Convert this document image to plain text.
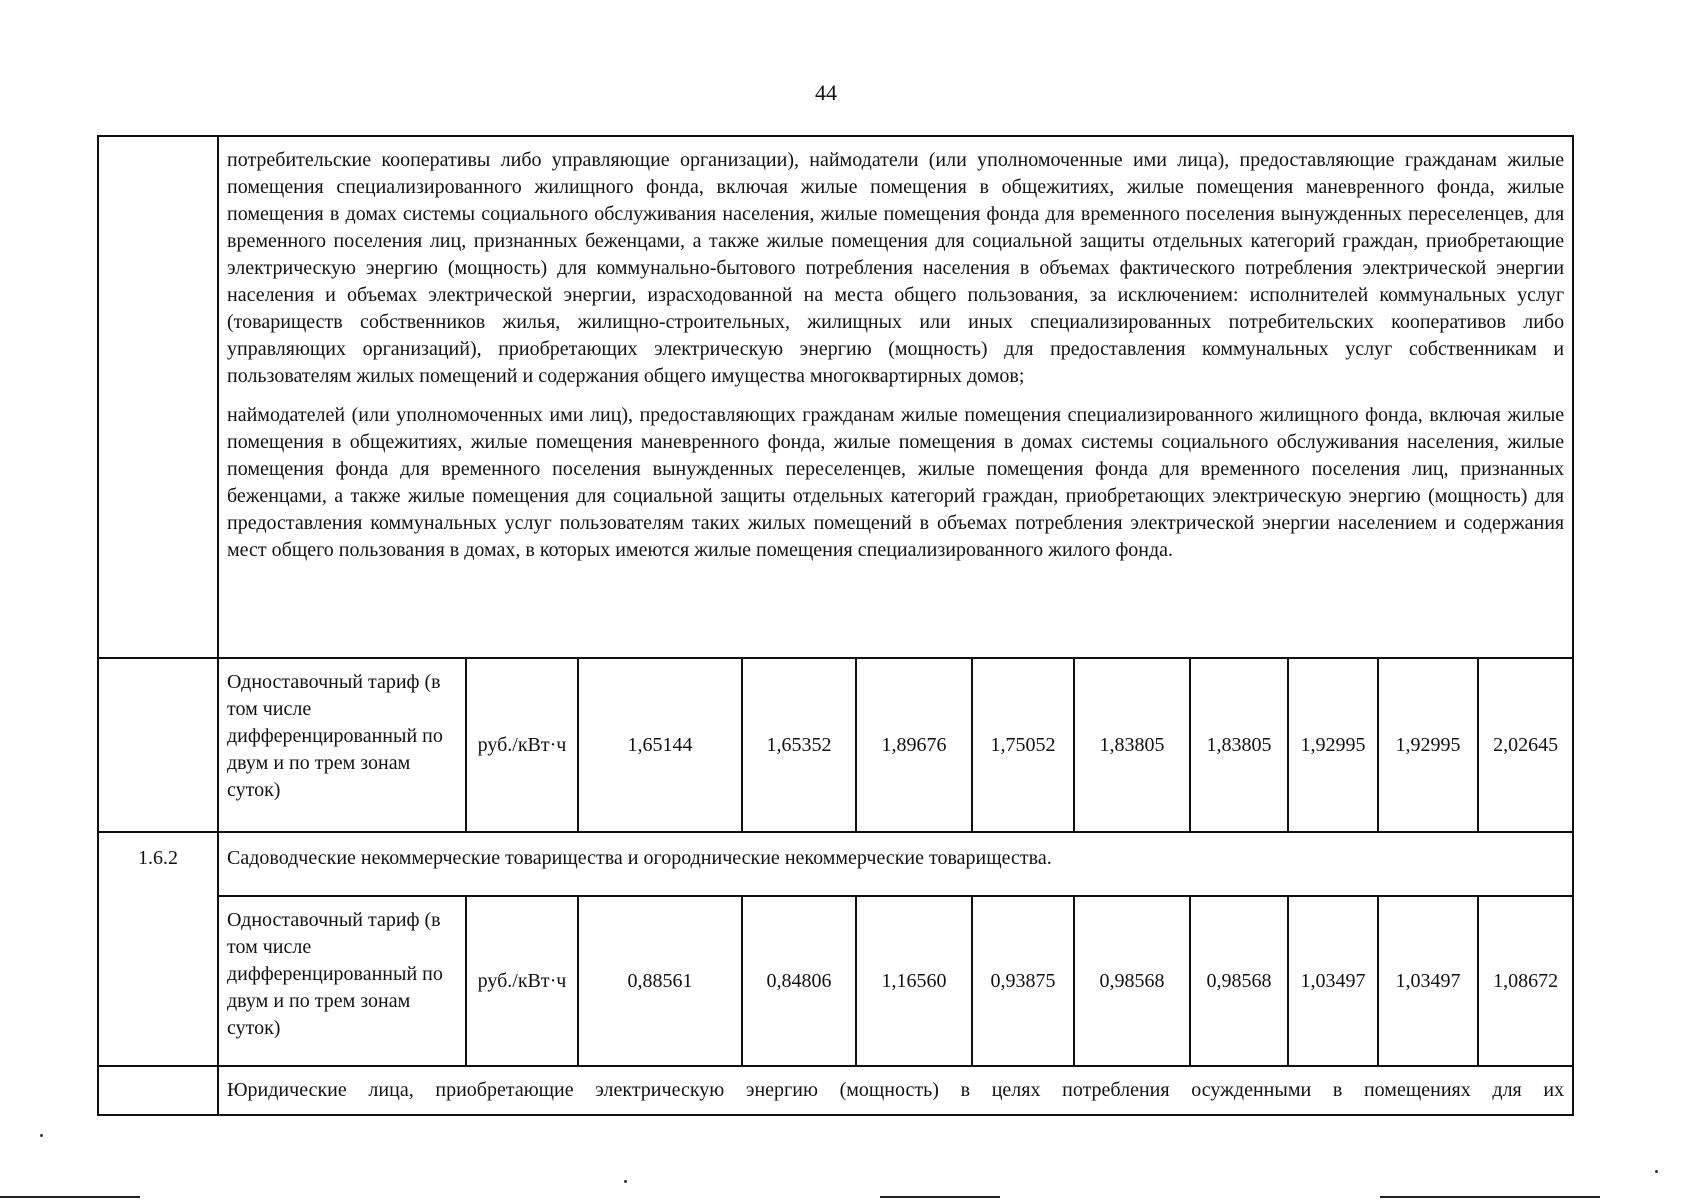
44

	потребительские кооперативы либо управляющие организации), наймодатели (или уполномоченные ими лица), предоставляющие гражданам жилые помещения специализированного жилищного фонда, включая жилые помещения в общежитиях, жилые помещения маневренного фонда, жилые помещения в домах системы социального обслуживания населения, жилые помещения фонда для временного поселения вынужденных переселенцев, для временного поселения лиц, признанных беженцами, а также жилые помещения для социальной защиты отдельных категорий граждан, приобретающие электрическую энергию (мощность) для коммунально-бытового потребления населения в объемах фактического потребления электрической энергии населения и объемах электрической энергии, израсходованной на места общего пользования, за исключением: исполнителей коммунальных услуг (товариществ собственников жилья, жилищно-строительных, жилищных или иных специализированных потребительских кооперативов либо управляющих организаций), приобретающих электрическую энергию (мощность) для предоставления коммунальных услуг собственникам и пользователям жилых помещений и содержания общего имущества многоквартирных домов;

наймодателей (или уполномоченных ими лиц), предоставляющих гражданам жилые помещения специализированного жилищного фонда, включая жилые помещения в общежитиях, жилые помещения маневренного фонда, жилые помещения в домах системы социального обслуживания населения, жилые помещения фонда для временного поселения вынужденных переселенцев, жилые помещения фонда для временного поселения лиц, признанных беженцами, а также жилые помещения для социальной защиты отдельных категорий граждан, приобретающих электрическую энергию (мощность) для предоставления коммунальных услуг пользователям таких жилых помещений в объемах потребления электрической энергии населением и содержания мест общего пользования в домах, в которых имеются жилые помещения специализированного жилого фонда.										

	Одноставочный тариф (в том числе дифференцированный по двум и по трем зонам суток)	руб./кВт·ч	1,65144	1,65352	1,89676	1,75052	1,83805	1,83805	1,92995	1,92995	2,02645
1.6.2	Садоводческие некоммерческие товарищества и огороднические некоммерческие товарищества.										
	Одноставочный тариф (в том числе дифференцированный по двум и по трем зонам суток)	руб./кВт·ч	0,88561	0,84806	1,16560	0,93875	0,98568	0,98568	1,03497	1,03497	1,08672
	Юридические лица, приобретающие электрическую энергию (мощность) в целях потребления осужденными в помещениях для их										
